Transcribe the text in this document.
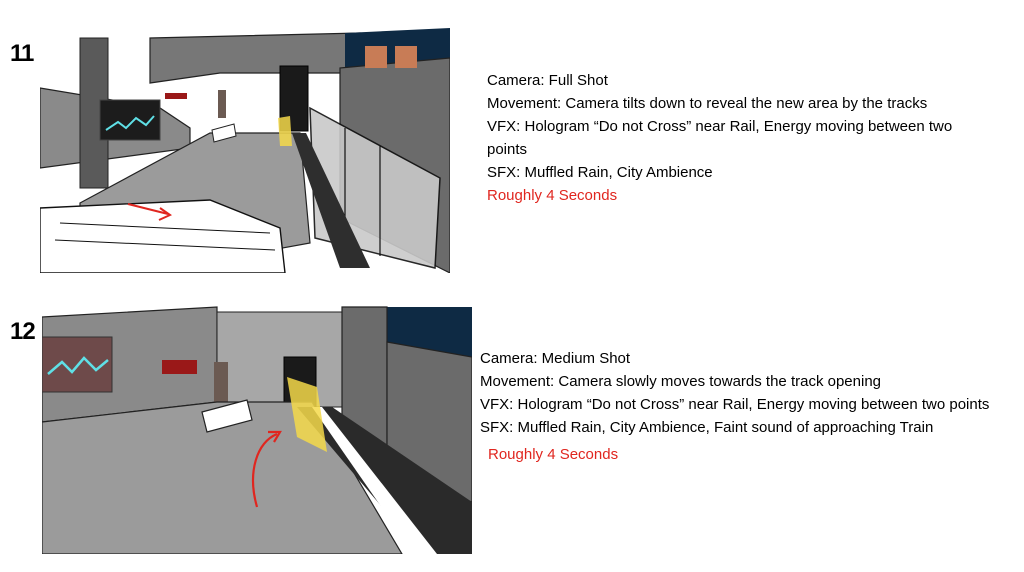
11
Camera: Full Shot
Movement: Camera tilts down to reveal the new area by the tracks
VFX: Hologram “Do not Cross” near Rail, Energy moving between two points
SFX: Muffled Rain, City Ambience
Roughly 4 Seconds
12
Camera: Medium Shot
Movement: Camera slowly moves towards the track opening
VFX: Hologram “Do not Cross” near Rail, Energy moving between two points
SFX: Muffled Rain, City Ambience, Faint sound of approaching Train
Roughly 4 Seconds
